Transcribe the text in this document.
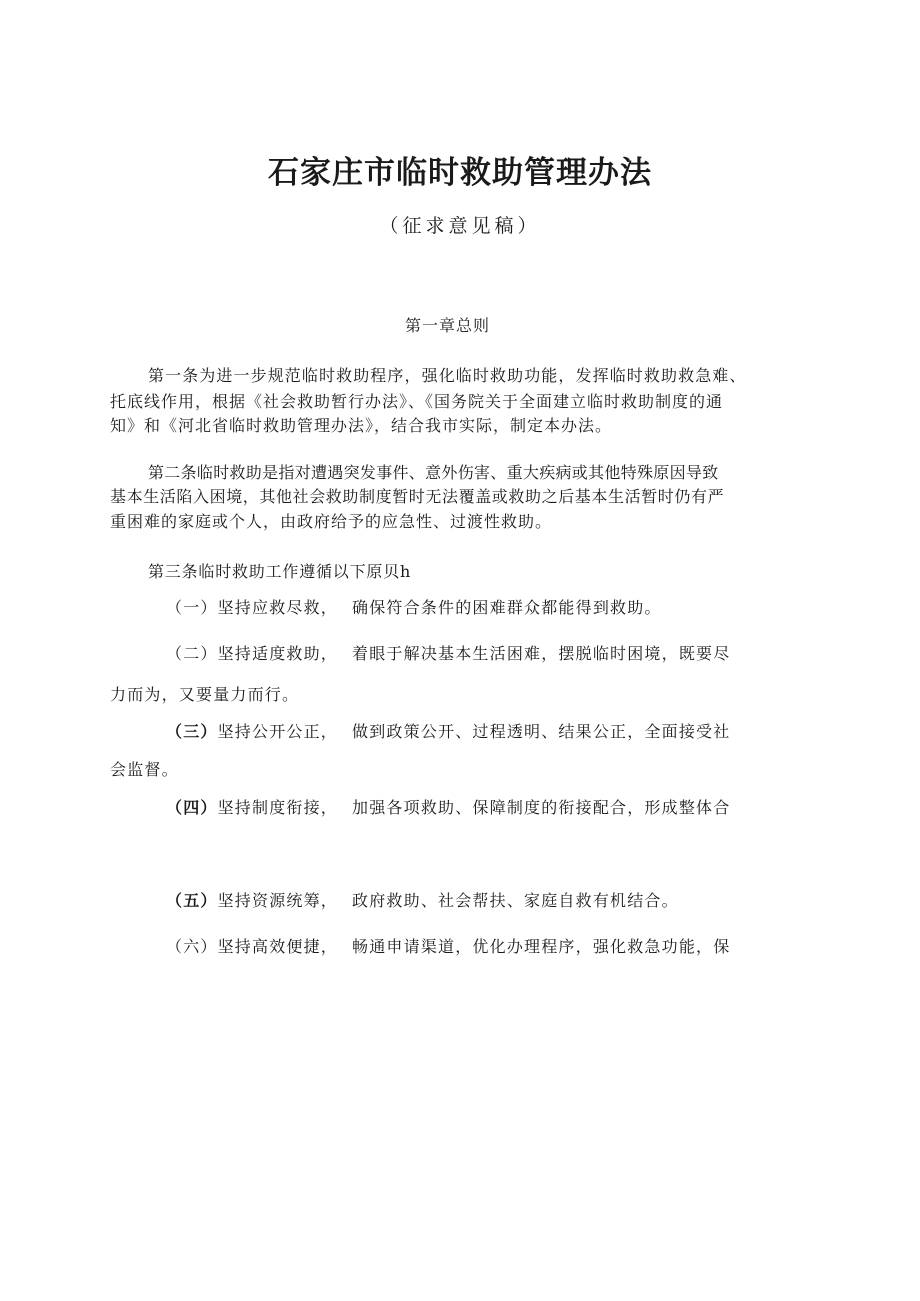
石家庄市临时救助管理办法
（征求意见稿）
第一章总则

第一条为进一步规范临时救助程序，强化临时救助功能，发挥临时救助救急难、

托底线作用，根据《社会救助暂行办法》、《国务院关于全面建立临时救助制度的通

知》和《河北省临时救助管理办法》，结合我市实际，制定本办法。

第二条临时救助是指对遭遇突发事件、意外伤害、重大疾病或其他特殊原因导致

基本生活陷入困境，其他社会救助制度暂时无法覆盖或救助之后基本生活暂时仍有严

重困难的家庭或个人，由政府给予的应急性、过渡性救助。

第三条临时救助工作遵循以下原贝h

（一）坚持应救尽救， 确保符合条件的困难群众都能得到救助。

（二）坚持适度救助， 着眼于解决基本生活困难，摆脱临时困境，既要尽

力而为，又要量力而行。

（三）坚持公开公正， 做到政策公开、过程透明、结果公正，全面接受社

会监督。

（四）坚持制度衔接， 加强各项救助、保障制度的衔接配合，形成整体合

（五）坚持资源统筹， 政府救助、社会帮扶、家庭自救有机结合。

（六）坚持高效便捷， 畅通申请渠道，优化办理程序，强化救急功能，保
